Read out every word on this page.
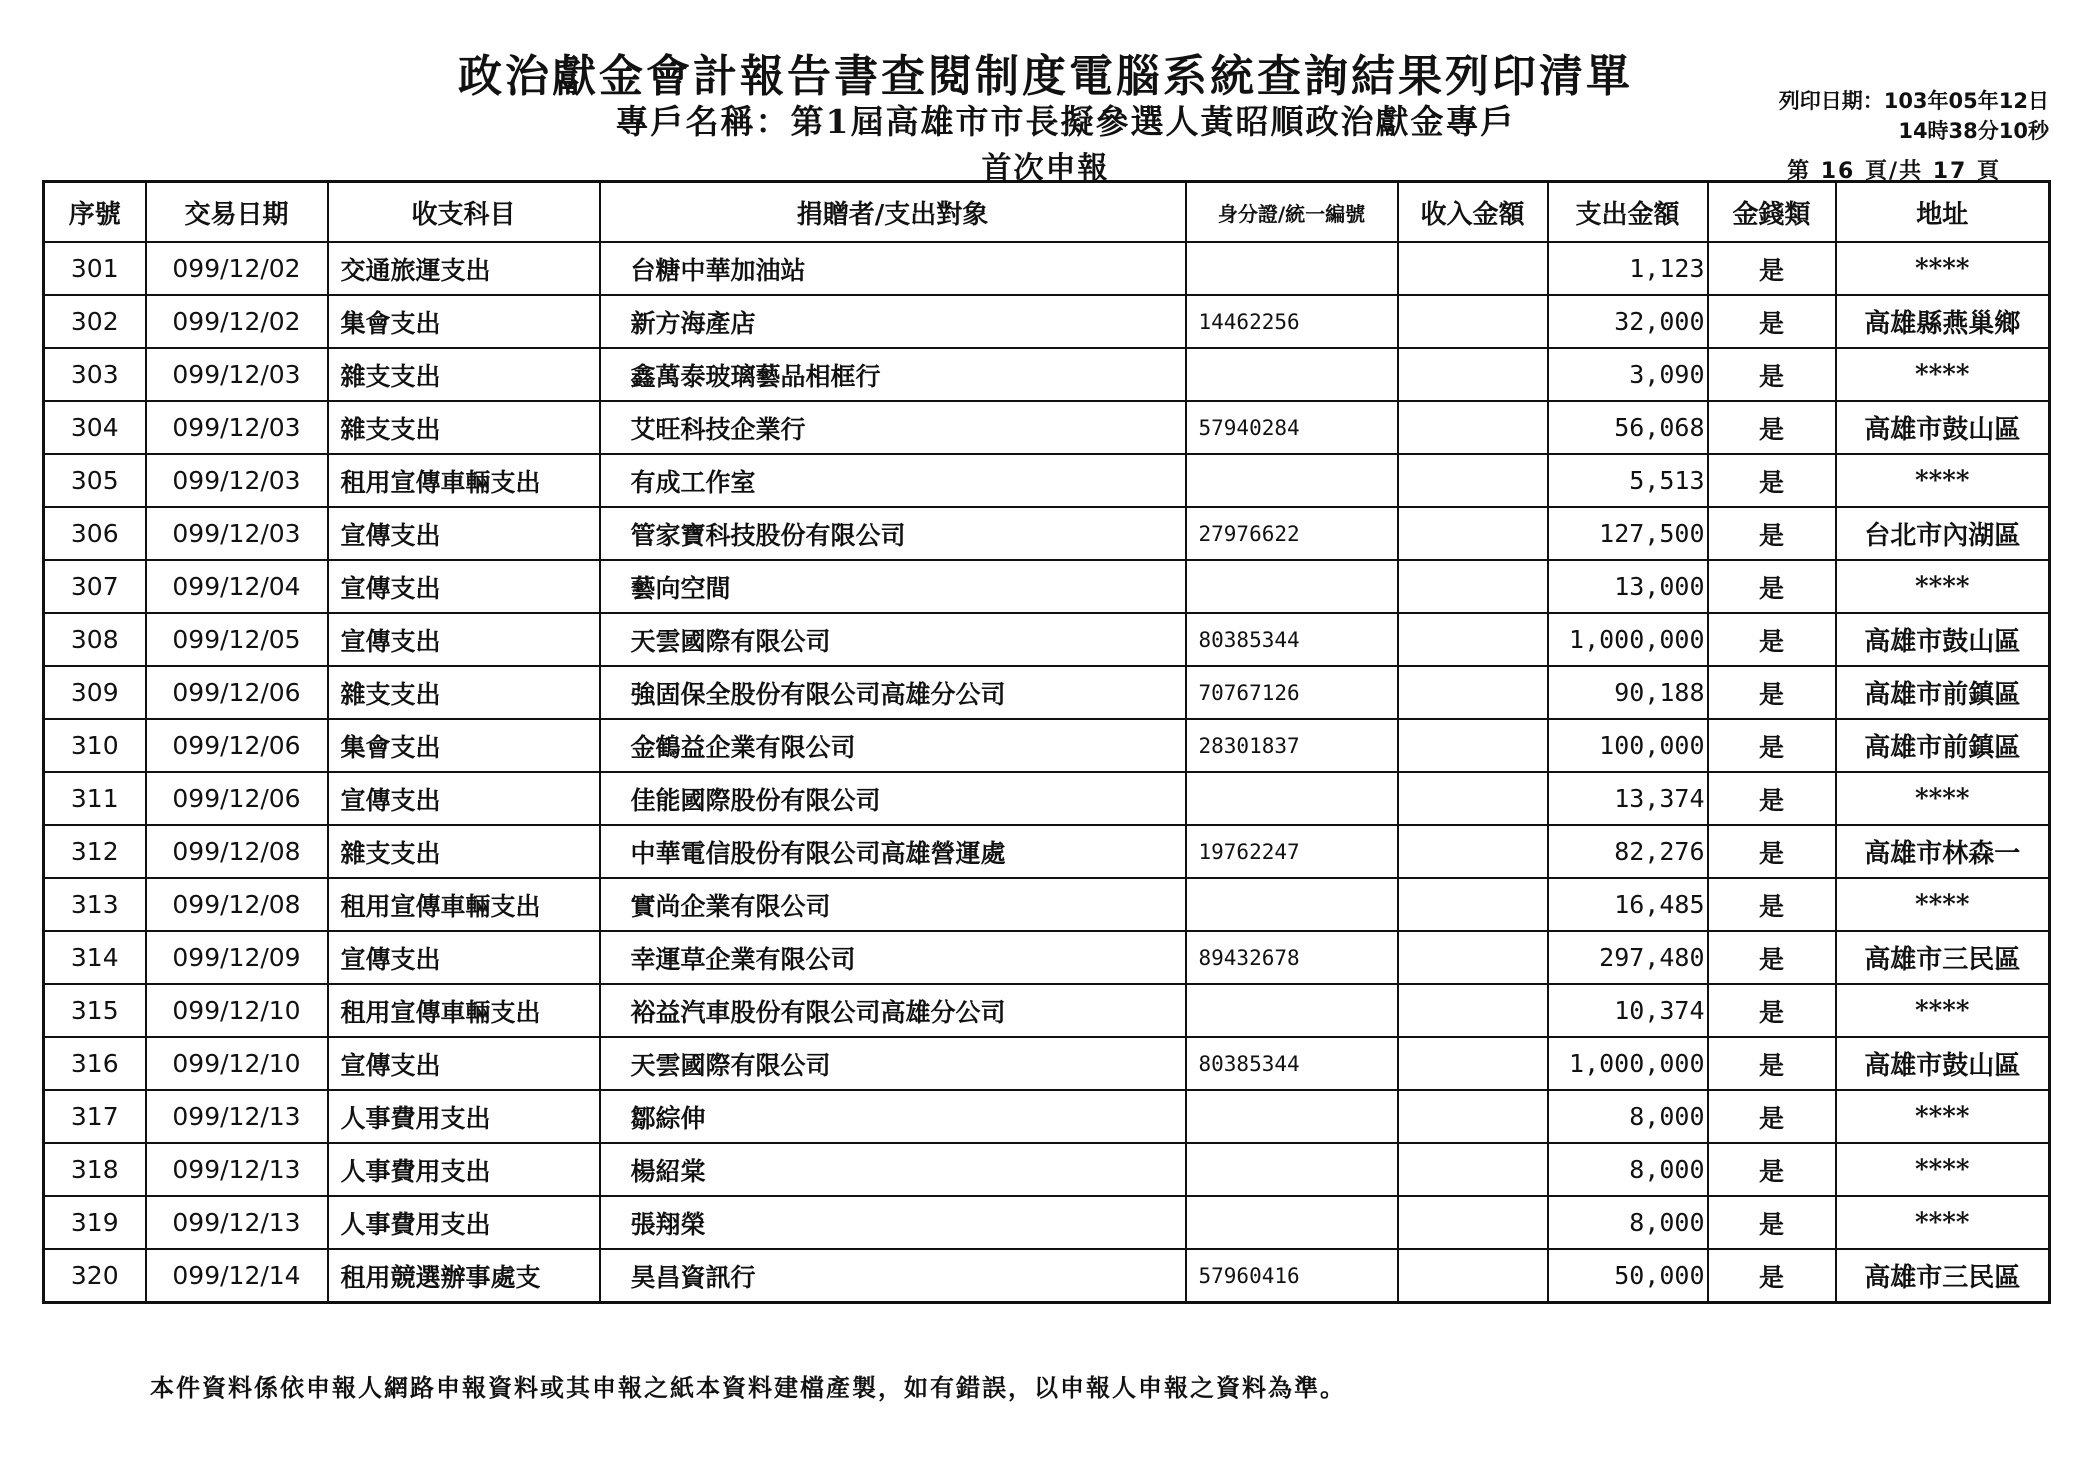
政治獻金會計報告書查閱制度電腦系統查詢結果列印清單
專戶名稱：第1屆高雄市市長擬參選人黃昭順政治獻金專戶
首次申報
列印日期：103年05年12日
14時38分10秒
第 16 頁/共 17 頁
序號	交易日期	收支科目	捐贈者/支出對象	身分證/統一編號	收入金額	支出金額	金錢類	地址
301	099/12/02	交通旅運支出	台糖中華加油站			1,123	是	****
302	099/12/02	集會支出	新方海產店	14462256		32,000	是	高雄縣燕巢鄉
303	099/12/03	雜支支出	鑫萬泰玻璃藝品相框行			3,090	是	****
304	099/12/03	雜支支出	艾旺科技企業行	57940284		56,068	是	高雄市鼓山區
305	099/12/03	租用宣傳車輛支出	有成工作室			5,513	是	****
306	099/12/03	宣傳支出	管家寶科技股份有限公司	27976622		127,500	是	台北市內湖區
307	099/12/04	宣傳支出	藝向空間			13,000	是	****
308	099/12/05	宣傳支出	天雲國際有限公司	80385344		1,000,000	是	高雄市鼓山區
309	099/12/06	雜支支出	強固保全股份有限公司高雄分公司	70767126		90,188	是	高雄市前鎮區
310	099/12/06	集會支出	金鶴益企業有限公司	28301837		100,000	是	高雄市前鎮區
311	099/12/06	宣傳支出	佳能國際股份有限公司			13,374	是	****
312	099/12/08	雜支支出	中華電信股份有限公司高雄營運處	19762247		82,276	是	高雄市林森一
313	099/12/08	租用宣傳車輛支出	實尚企業有限公司			16,485	是	****
314	099/12/09	宣傳支出	幸運草企業有限公司	89432678		297,480	是	高雄市三民區
315	099/12/10	租用宣傳車輛支出	裕益汽車股份有限公司高雄分公司			10,374	是	****
316	099/12/10	宣傳支出	天雲國際有限公司	80385344		1,000,000	是	高雄市鼓山區
317	099/12/13	人事費用支出	鄒綜伸			8,000	是	****
318	099/12/13	人事費用支出	楊紹棠			8,000	是	****
319	099/12/13	人事費用支出	張翔榮			8,000	是	****
320	099/12/14	租用競選辦事處支	昊昌資訊行	57960416		50,000	是	高雄市三民區
本件資料係依申報人網路申報資料或其申報之紙本資料建檔產製，如有錯誤，以申報人申報之資料為準。
